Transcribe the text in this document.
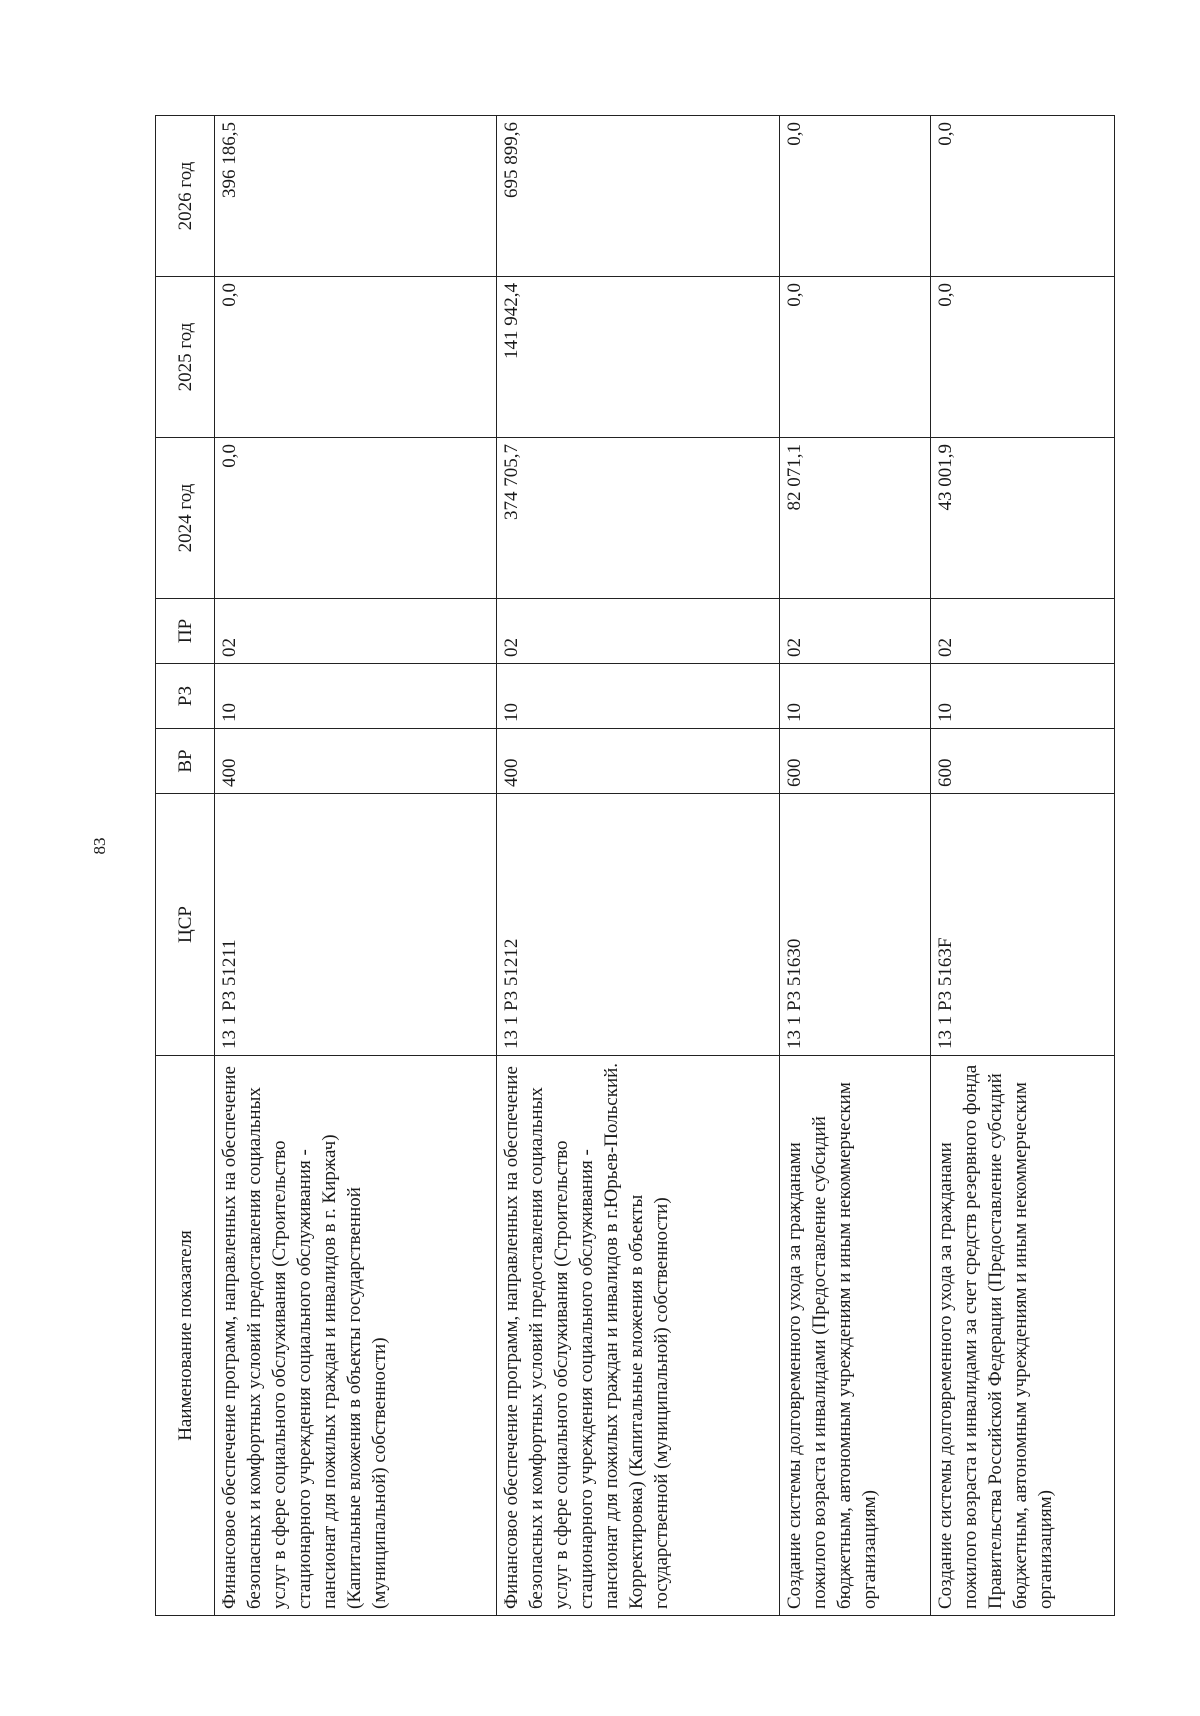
83
Наименование показателя	ЦСР	ВР	РЗ	ПР	2024 год	2025 год	2026 год
Финансовое обеспечение программ, направленных на обеспечение безопасных и комфортных условий предоставления социальных услуг в сфере социального обслуживания (Строительство стационарного учреждения социального обслуживания - пансионат для пожилых граждан и инвалидов в г. Киржач) (Капитальные вложения в объекты государственной (муниципальной) собственности)	13 1 Р3 51211	400	10	02	0,0	0,0	396 186,5
Финансовое обеспечение программ, направленных на обеспечение безопасных и комфортных условий предоставления социальных услуг в сфере социального обслуживания (Строительство стационарного учреждения социального обслуживания - пансионат для пожилых граждан и инвалидов в г.Юрьев-Польский. Корректировка) (Капитальные вложения в объекты государственной (муниципальной) собственности)	13 1 Р3 51212	400	10	02	374 705,7	141 942,4	695 899,6
Создание системы долговременного ухода за гражданами пожилого возраста и инвалидами (Предоставление субсидий бюджетным, автономным учреждениям и иным некоммерческим организациям)	13 1 Р3 51630	600	10	02	82 071,1	0,0	0,0
Создание системы долговременного ухода за гражданами пожилого возраста и инвалидами за счет средств резервного фонда Правительства Российской Федерации (Предоставление субсидий бюджетным, автономным учреждениям и иным некоммерческим организациям)	13 1 Р3 5163F	600	10	02	43 001,9	0,0	0,0
